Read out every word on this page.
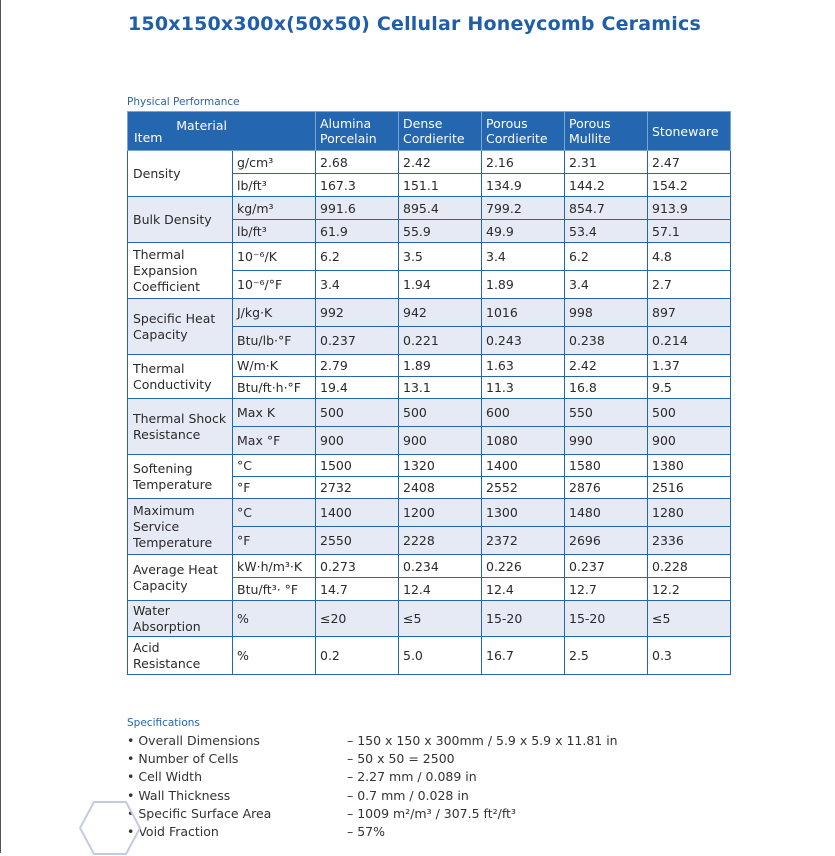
150x150x300x(50x50) Cellular Honeycomb Ceramics
Physical Performance
Material
Item		Alumina Porcelain	Dense Cordierite	Porous Cordierite	Porous Mullite	Stoneware
Density	g/cm³	2.68	2.42	2.16	2.31	2.47
	lb/ft³	167.3	151.1	134.9	144.2	154.2
Bulk Density	kg/m³	991.6	895.4	799.2	854.7	913.9
	lb/ft³	61.9	55.9	49.9	53.4	57.1
Thermal Expansion Coefficient	10⁻⁶/K	6.2	3.5	3.4	6.2	4.8
	10⁻⁶/°F	3.4	1.94	1.89	3.4	2.7
Specific Heat Capacity	J/kg·K	992	942	1016	998	897
	Btu/lb·°F	0.237	0.221	0.243	0.238	0.214
Thermal Conductivity	W/m·K	2.79	1.89	1.63	2.42	1.37
	Btu/ft·h·°F	19.4	13.1	11.3	16.8	9.5
Thermal Shock Resistance	Max K	500	500	600	550	500
	Max °F	900	900	1080	990	900
Softening Temperature	°C	1500	1320	1400	1580	1380
	°F	2732	2408	2552	2876	2516
Maximum Service Temperature	°C	1400	1200	1300	1480	1280
	°F	2550	2228	2372	2696	2336
Average Heat Capacity	kW·h/m³·K	0.273	0.234	0.226	0.237	0.228
	Btu/ft³· °F	14.7	12.4	12.4	12.7	12.2
Water Absorption	%	≤20	≤5	15-20	15-20	≤5
Acid Resistance	%	0.2	5.0	16.7	2.5	0.3
Specifications
• Overall Dimensions	– 150 x 150 x 300mm / 5.9 x 5.9 x 11.81 in
• Number of Cells	– 50 x 50 = 2500
• Cell Width	– 2.27 mm / 0.089 in
• Wall Thickness	– 0.7 mm / 0.028 in
• Specific Surface Area	– 1009 m²/m³ / 307.5 ft²/ft³
• Void Fraction	– 57%
